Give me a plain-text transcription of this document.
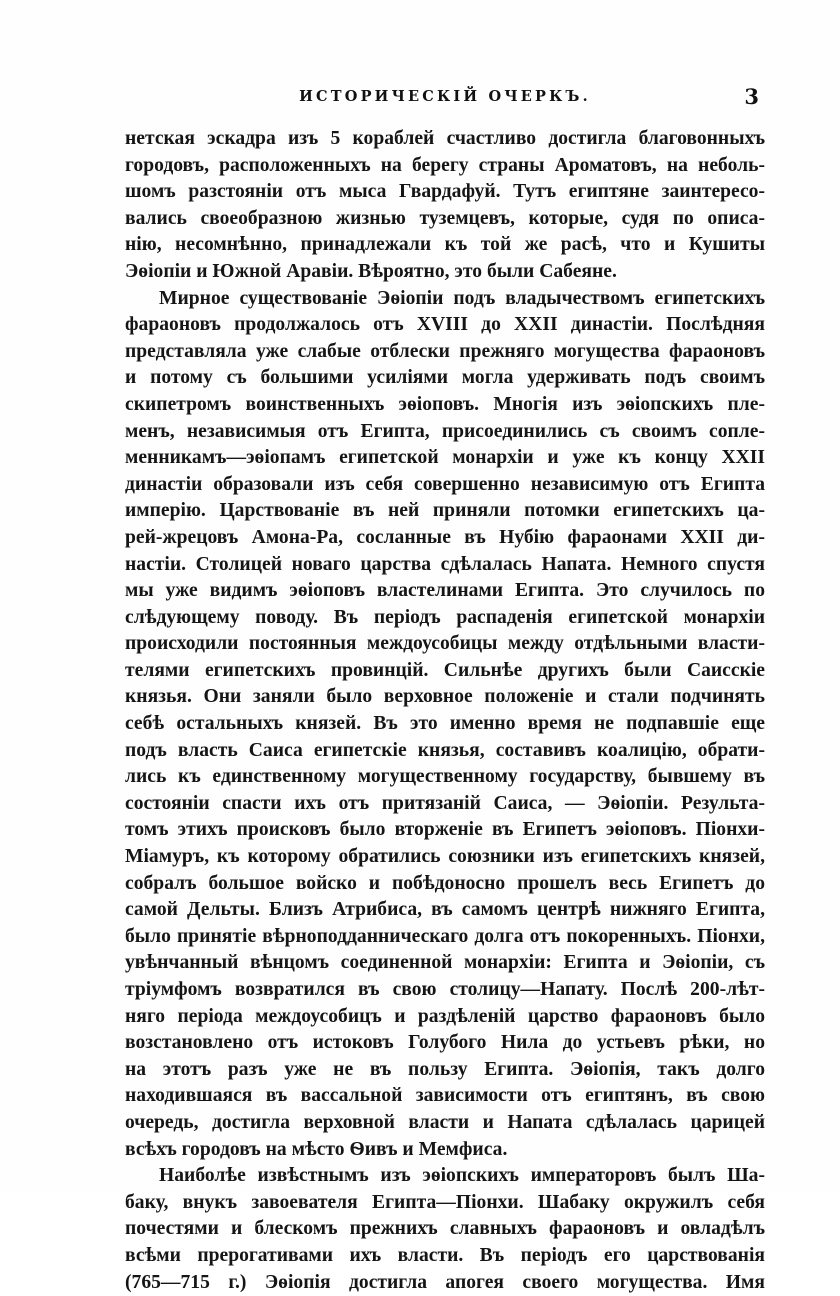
ИСТОРИЧЕСКІЙ ОЧЕРКЪ.	3
нетская эскадра изъ 5 кораблей счастливо достигла благовонныхъ
городовъ, расположенныхъ на берегу страны Ароматовъ, на неболь-
шомъ разстояніи отъ мыса Гвардафуй. Тутъ египтяне заинтересо-
вались своеобразною жизнью туземцевъ, которые, судя по описа-
нію, несомнѣнно, принадлежали къ той же расѣ, что и Кушиты
Эѳіопіи и Южной Аравіи. Вѣроятно, это были Сабеяне.
Мирное существованіе Эѳіопіи подъ владычествомъ египетскихъ
фараоновъ продолжалось отъ XVIII до XXII династіи. Послѣдняя
представляла уже слабые отблески прежняго могущества фараоновъ
и потому съ большими усиліями могла удерживать подъ своимъ
скипетромъ воинственныхъ эѳіоповъ. Многія изъ эѳіопскихъ пле-
менъ, независимыя отъ Египта, присоединились съ своимъ сопле-
менникамъ—эѳіопамъ египетской монархіи и уже къ концу XXII
династіи образовали изъ себя совершенно независимую отъ Египта
имперію. Царствованіе въ ней приняли потомки египетскихъ ца-
рей-жрецовъ Амона-Ра, сосланные въ Нубію фараонами XXII ди-
настіи. Столицей новаго царства сдѣлалась Напата. Немного спустя
мы уже видимъ эѳіоповъ властелинами Египта. Это случилось по
слѣдующему поводу. Въ періодъ распаденія египетской монархіи
происходили постоянныя междоусобицы между отдѣльными власти-
телями египетскихъ провинцій. Сильнѣе другихъ были Саисскіе
князья. Они заняли было верховное положеніе и стали подчинять
себѣ остальныхъ князей. Въ это именно время не подпавшіе еще
подъ власть Саиса египетскіе князья, составивъ коалицію, обрати-
лись къ единственному могущественному государству, бывшему въ
состояніи спасти ихъ отъ притязаній Саиса, — Эѳіопіи. Результа-
томъ этихъ происковъ было вторженіе въ Египетъ эѳіоповъ. Піонхи-
Міамуръ, къ которому обратились союзники изъ египетскихъ князей,
собралъ большое войско и побѣдоносно прошелъ весь Египетъ до
самой Дельты. Близъ Атрибиса, въ самомъ центрѣ нижняго Египта,
было принятіе вѣрноподданническаго долга отъ покоренныхъ. Піонхи,
увѣнчанный вѣнцомъ соединенной монархіи: Египта и Эѳіопіи, съ
тріумфомъ возвратился въ свою столицу—Напату. Послѣ 200-лѣт-
няго періода междоусобицъ и раздѣленій царство фараоновъ было
возстановлено отъ истоковъ Голубого Нила до устьевъ рѣки, но
на этотъ разъ уже не въ пользу Египта. Эѳіопія, такъ долго
находившаяся въ вассальной зависимости отъ египтянъ, въ свою
очередь, достигла верховной власти и Напата сдѣлалась царицей
всѣхъ городовъ на мѣсто Ѳивъ и Мемфиса.
Наиболѣе извѣстнымъ изъ эѳіопскихъ императоровъ былъ Ша-
баку, внукъ завоевателя Египта—Піонхи. Шабаку окружилъ себя
почестями и блескомъ прежнихъ славныхъ фараоновъ и овладѣлъ
всѣми прерогативами ихъ власти. Въ періодъ его царствованія
(765—715 г.) Эѳіопія достигла апогея своего могущества. Имя
